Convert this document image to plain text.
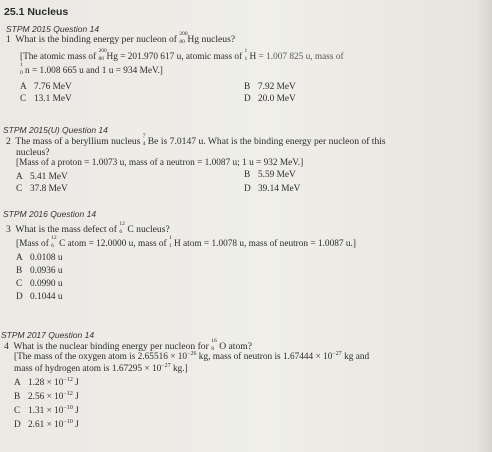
25.1 Nucleus
STPM 2015 Question 14
1 What is the binding energy per nucleon of 200
80 Hg nucleus?
[The atomic mass of
200
80 Hg = 201.970 617 u, atomic mass of
1
1 H = 1.007 825 u, mass of
1
0 n = 1.008 665 u and 1 u = 934 MeV.]
A 7.76 MeV	B 7.92 MeV
C 13.1 MeV	D 20.0 MeV
STPM 2015(U) Question 14
2 The mass of a beryllium nucleus 7
4 Be is 7.0147 u. What is the binding energy per nucleon of this
nucleus?
[Mass of a proton = 1.0073 u, mass of a neutron = 1.0087 u; 1 u = 932 MeV.]
A 5.41 MeV	B 5.59 MeV
C 37.8 MeV	D 39.14 MeV
STPM 2016 Question 14
3 What is the mass defect of 12
6 C nucleus?
[Mass of
12
6 C atom = 12.0000 u, mass of
1
1 H atom = 1.0078 u, mass of neutron = 1.0087 u.]
A 0.0108 u
B 0.0936 u
C 0.0990 u
D 0.1044 u
STPM 2017 Question 14
4 What is the nuclear binding energy per nucleon for 16
8 O atom?
[The mass of the oxygen atom is $2.65516 \times 10^{-26}$ kg, mass of neutron is $1.67444 \times 10^{-27}$ kg and
mass of hydrogen atom is $1.67295 \times 10^{-27}$ kg.]
A $1.28 \times 10^{-12}$ J
B $2.56 \times 10^{-12}$ J
C $1.31 \times 10^{-10}$ J
D $2.61 \times 10^{-10}$ J
